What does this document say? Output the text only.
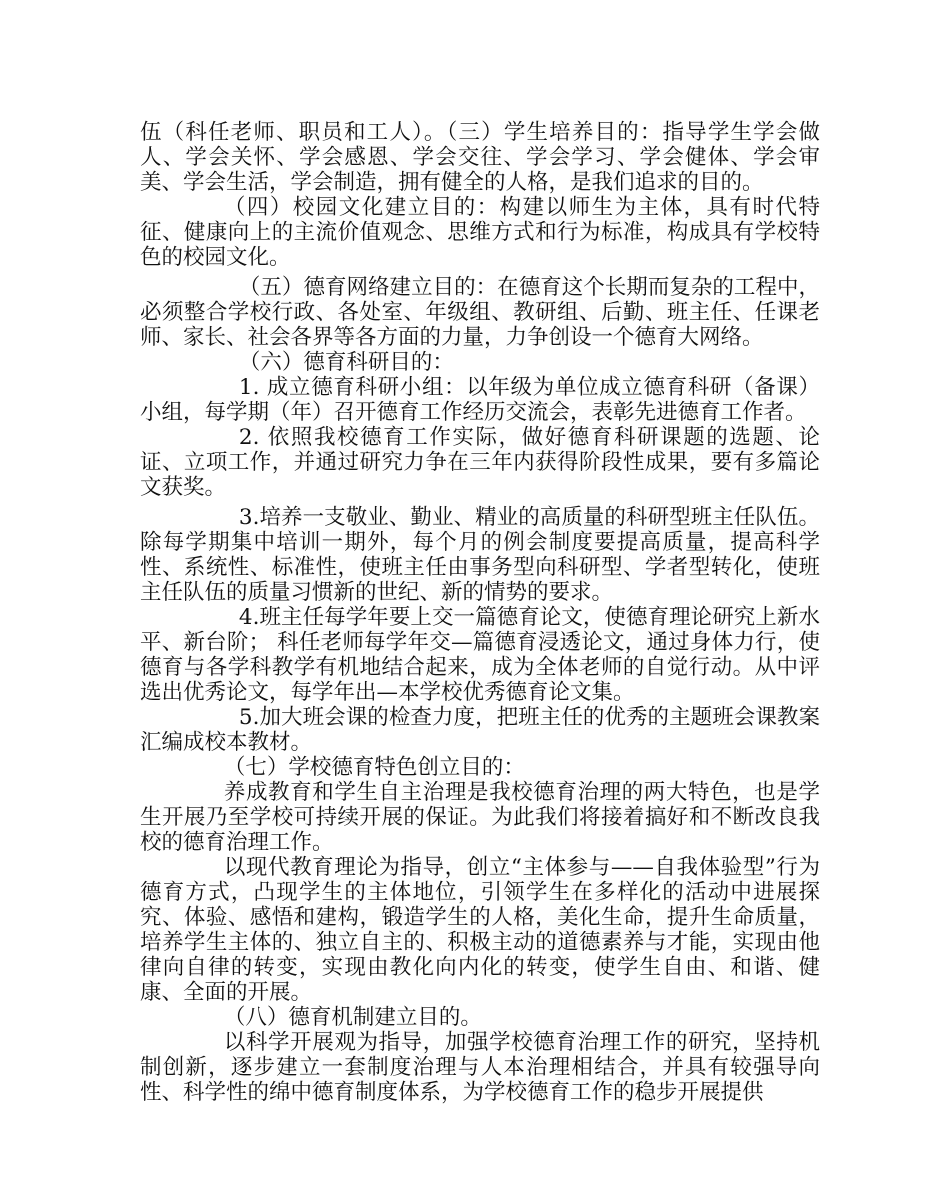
伍（科任老师、职员和工人）。（三）学生培养目的：指导学生学会做人、学会关怀、学会感恩、学会交往、学会学习、学会健体、学会审美、学会生活，学会制造，拥有健全的人格，是我们追求的目的。

（四）校园文化建立目的：构建以师生为主体，具有时代特征、健康向上的主流价值观念、思维方式和行为标准，构成具有学校特色的校园文化。

（五）德育网络建立目的：在德育这个长期而复杂的工程中，必须整合学校行政、各处室、年级组、教研组、后勤、班主任、任课老师、家长、社会各界等各方面的力量，力争创设一个德育大网络。

（六）德育科研目的：

1. 成立德育科研小组：以年级为单位成立德育科研（备课）小组，每学期（年）召开德育工作经历交流会，表彰先进德育工作者。

2. 依照我校德育工作实际，做好德育科研课题的选题、论证、立项工作，并通过研究力争在三年内获得阶段性成果，要有多篇论文获奖。

3.培养一支敬业、勤业、精业的高质量的科研型班主任队伍。除每学期集中培训一期外，每个月的例会制度要提高质量，提高科学性、系统性、标准性，使班主任由事务型向科研型、学者型转化，使班主任队伍的质量习惯新的世纪、新的情势的要求。

4.班主任每学年要上交一篇德育论文，使德育理论研究上新水平、新台阶； 科任老师每学年交—篇德育浸透论文，通过身体力行，使德育与各学科教学有机地结合起来，成为全体老师的自觉行动。从中评选出优秀论文，每学年出—本学校优秀德育论文集。

5.加大班会课的检查力度，把班主任的优秀的主题班会课教案汇编成校本教材。

（七）学校德育特色创立目的：

养成教育和学生自主治理是我校德育治理的两大特色，也是学生开展乃至学校可持续开展的保证。为此我们将接着搞好和不断改良我校的德育治理工作。

以现代教育理论为指导，创立“主体参与——自我体验型”行为德育方式，凸现学生的主体地位，引领学生在多样化的活动中进展探究、体验、感悟和建构，锻造学生的人格，美化生命，提升生命质量，培养学生主体的、独立自主的、积极主动的道德素养与才能，实现由他律向自律的转变，实现由教化向内化的转变，使学生自由、和谐、健康、全面的开展。

（八）德育机制建立目的。

以科学开展观为指导，加强学校德育治理工作的研究，坚持机制创新，逐步建立一套制度治理与人本治理相结合，并具有较强导向性、科学性的绵中德育制度体系，为学校德育工作的稳步开展提供
